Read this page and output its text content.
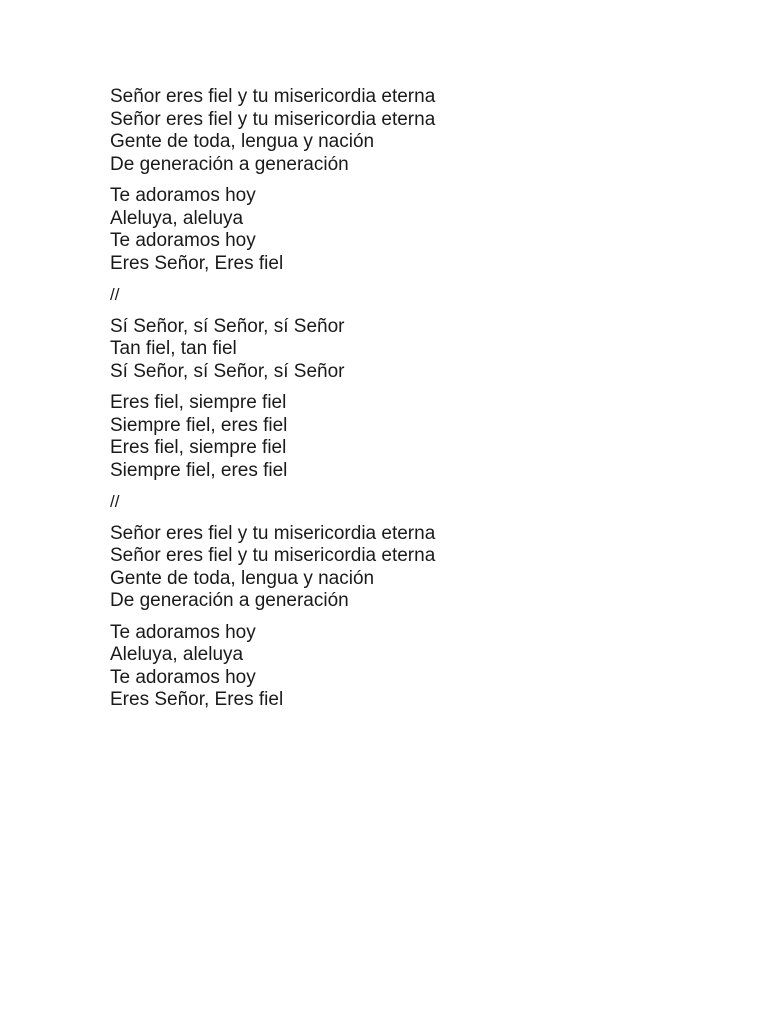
Señor eres fiel y tu misericordia eterna
Señor eres fiel y tu misericordia eterna
Gente de toda, lengua y nación
De generación a generación
Te adoramos hoy
Aleluya, aleluya
Te adoramos hoy
Eres Señor, Eres fiel
//
Sí Señor, sí Señor, sí Señor
Tan fiel, tan fiel
Sí Señor, sí Señor, sí Señor
Eres fiel, siempre fiel
Siempre fiel, eres fiel
Eres fiel, siempre fiel
Siempre fiel, eres fiel
//
Señor eres fiel y tu misericordia eterna
Señor eres fiel y tu misericordia eterna
Gente de toda, lengua y nación
De generación a generación
Te adoramos hoy
Aleluya, aleluya
Te adoramos hoy
Eres Señor, Eres fiel
